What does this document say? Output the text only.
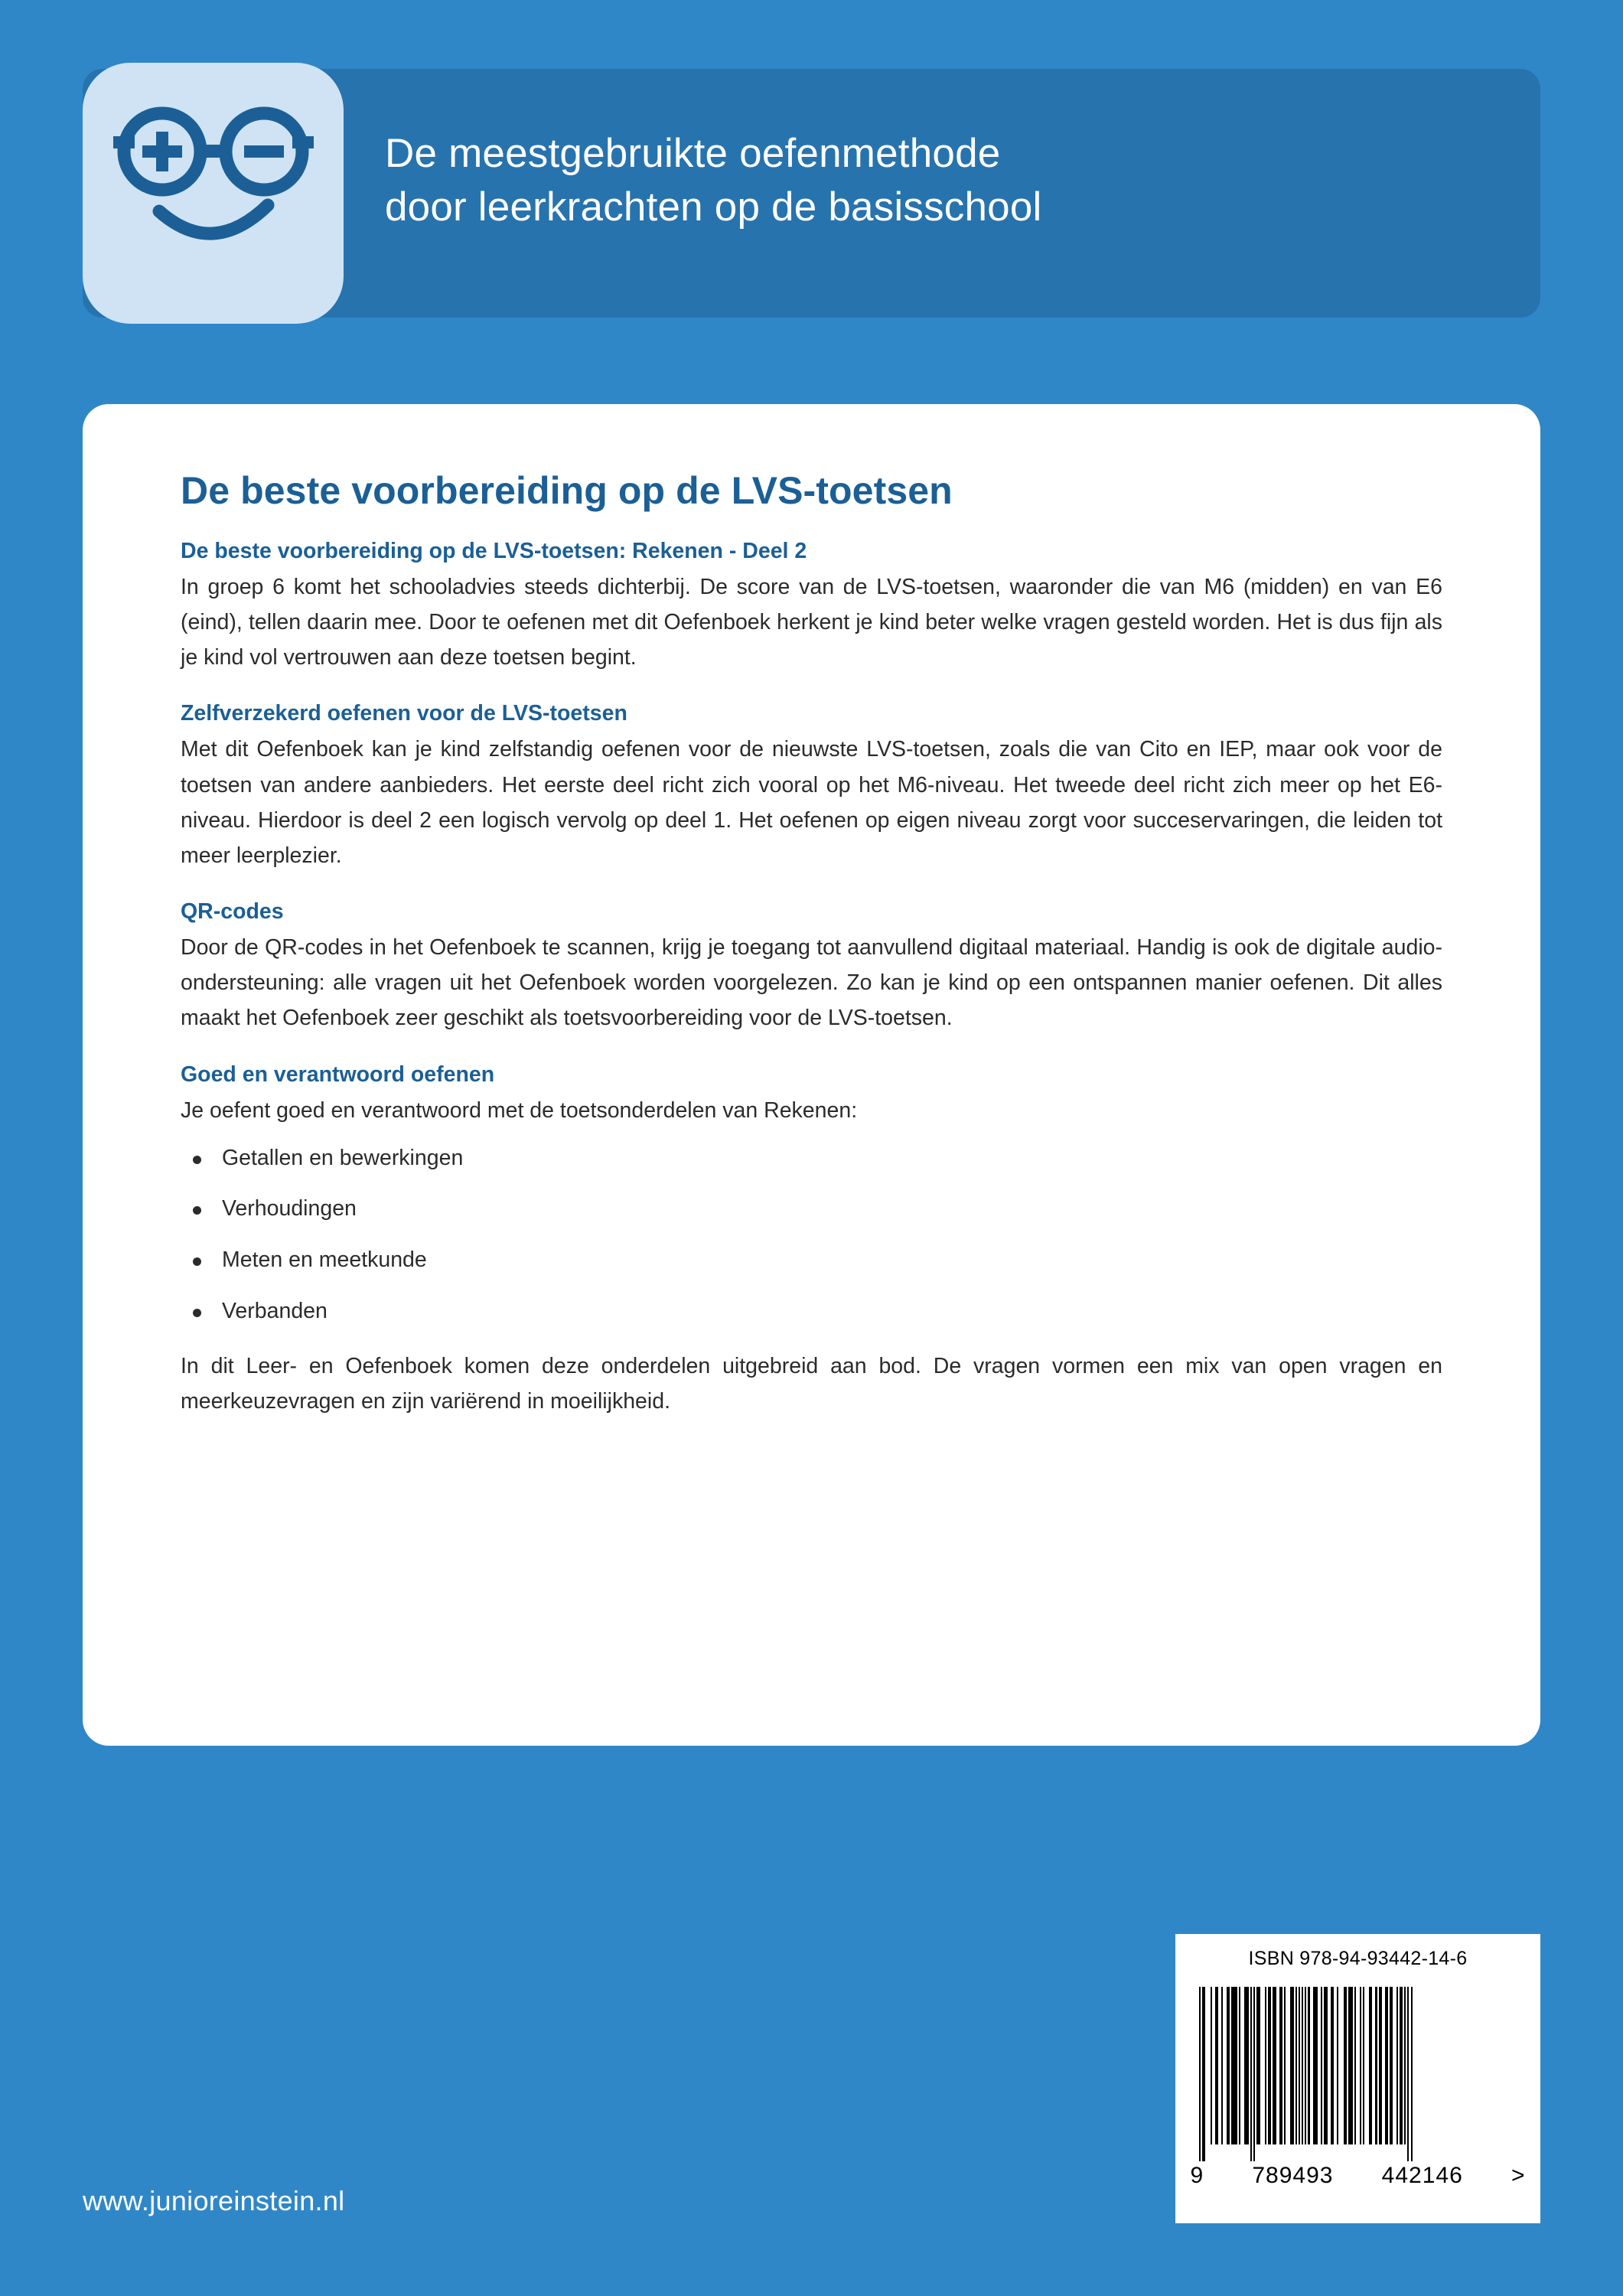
De meestgebruikte oefenmethode
door leerkrachten op de basisschool
De beste voorbereiding op de LVS-toetsen
De beste voorbereiding op de LVS-toetsen: Rekenen - Deel 2

In groep 6 komt het schooladvies steeds dichterbij. De score van de LVS-toetsen, waaronder die van M6 (midden) en van E6 (eind), tellen daarin mee. Door te oefenen met dit Oefenboek herkent je kind beter welke vragen gesteld worden. Het is dus fijn als je kind vol vertrouwen aan deze toetsen begint.

Zelfverzekerd oefenen voor de LVS-toetsen

Met dit Oefenboek kan je kind zelfstandig oefenen voor de nieuwste LVS-toetsen, zoals die van Cito en IEP, maar ook voor de toetsen van andere aanbieders. Het eerste deel richt zich vooral op het M6-niveau. Het tweede deel richt zich meer op het E6-niveau. Hierdoor is deel 2 een logisch vervolg op deel 1. Het oefenen op eigen niveau zorgt voor succeservaringen, die leiden tot meer leerplezier.

QR-codes

Door de QR-codes in het Oefenboek te scannen, krijg je toegang tot aanvullend digitaal materiaal. Handig is ook de digitale audio-ondersteuning: alle vragen uit het Oefenboek worden voorgelezen. Zo kan je kind op een ontspannen manier oefenen. Dit alles maakt het Oefenboek zeer geschikt als toetsvoorbereiding voor de LVS-toetsen.

Goed en verantwoord oefenen

Je oefent goed en verantwoord met de toetsonderdelen van Rekenen:

Getallen en bewerkingen
Verhoudingen
Meten en meetkunde
Verbanden

In dit Leer- en Oefenboek komen deze onderdelen uitgebreid aan bod. De vragen vormen een mix van open vragen en meerkeuzevragen en zijn variërend in moeilijkheid.

ISBN 978-94-93442-14-6
9 789493 442146 >
www.junioreinstein.nl
